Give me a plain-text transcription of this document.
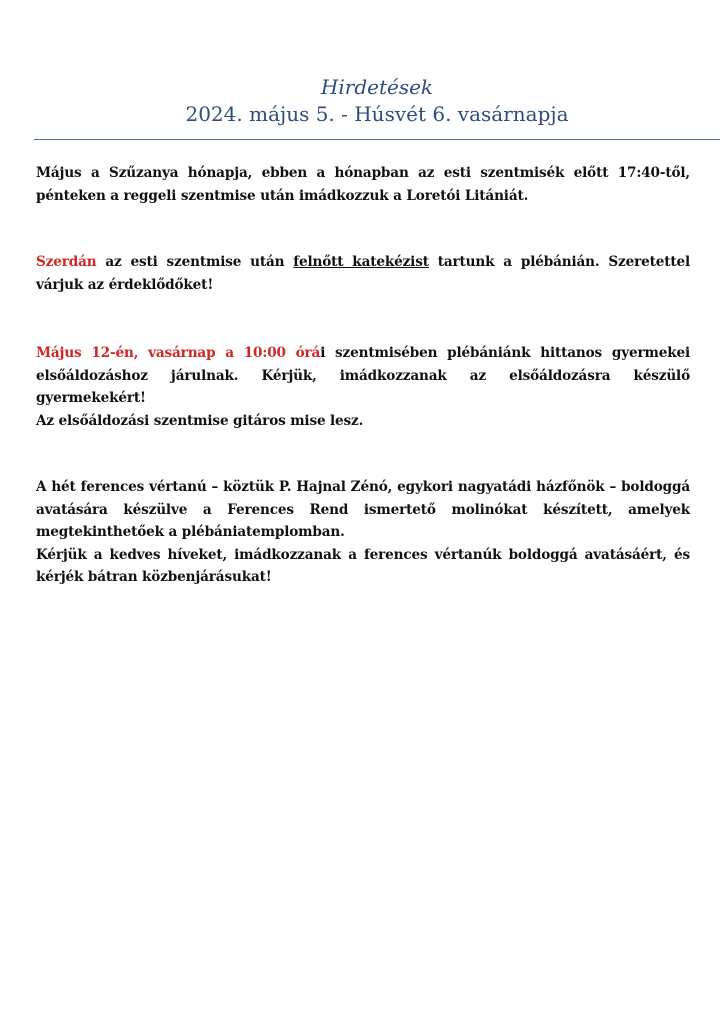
Hirdetések
2024. május 5. - Húsvét 6. vasárnapja

Május a Szűzanya hónapja, ebben a hónapban az esti szentmisék előtt 17:40-től, pénteken a reggeli szentmise után imádkozzuk a Loretói Litániát.

Szerdán az esti szentmise után felnőtt katekézist tartunk a plébánián. Szeretettel várjuk az érdeklődőket!

Május 12-én, vasárnap a 10:00 órái szentmisében plébániánk hittanos gyermekei elsőáldozáshoz járulnak. Kérjük, imádkozzanak az elsőáldozásra készülő gyermekekért!

Az elsőáldozási szentmise gitáros mise lesz.

A hét ferences vértanú – köztük P. Hajnal Zénó, egykori nagyatádi házfőnök – boldoggá avatására készülve a Ferences Rend ismertető molinókat készített, amelyek megtekinthetőek a plébániatemplomban.

Kérjük a kedves híveket, imádkozzanak a ferences vértanúk boldoggá avatásáért, és kérjék bátran közbenjárásukat!
